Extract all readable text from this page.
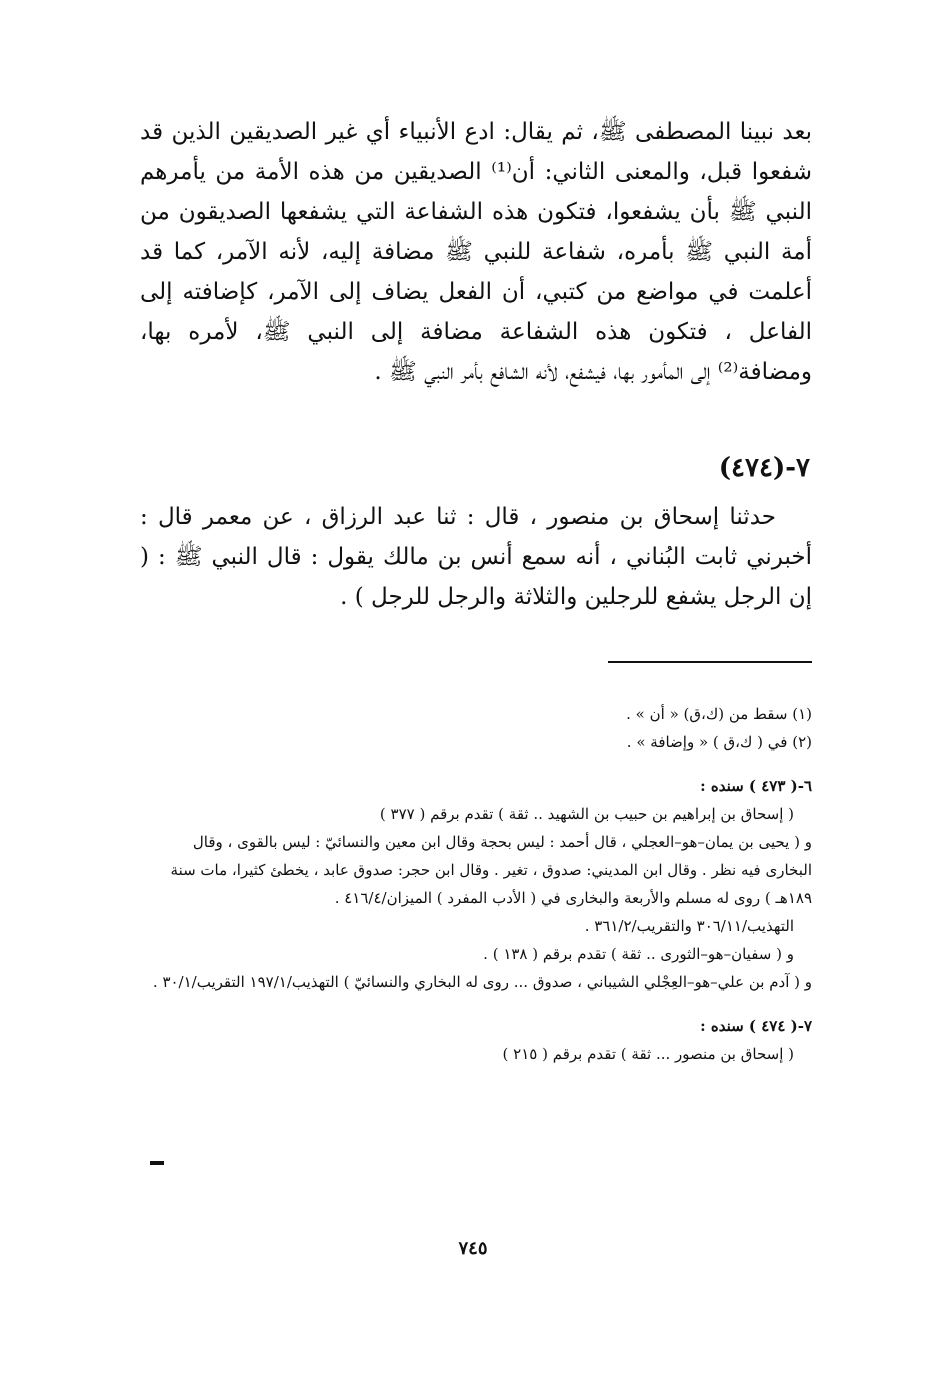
بعد نبينا المصطفى ﷺ، ثم يقال: ادع الأنبياء أي غير الصديقين الذين قد شفعوا قبل، والمعنى الثاني: أن⁽¹⁾ الصديقين من هذه الأمة من يأمرهم النبي ﷺ بأن يشفعوا، فتكون هذه الشفاعة التي يشفعها الصديقون من أمة النبي ﷺ بأمره، شفاعة للنبي ﷺ مضافة إليه، لأنه الآمر، كما قد أعلمت في مواضع من كتبي، أن الفعل يضاف إلى الآمر، كإضافته إلى الفاعل ، فتكون هذه الشفاعة مضافة إلى النبي ﷺ، لأمره بها، ومضافة⁽²⁾ إلى المأمور بها، فيشفع، لأنه الشافع بأمر النبي ﷺ .

٧-(٤٧٤)

حدثنا إسحاق بن منصور ، قال : ثنا عبد الرزاق ، عن معمر قال : أخبرني ثابت البُناني ، أنه سمع أنس بن مالك يقول : قال النبي ﷺ : ( إن الرجل يشفع للرجلين والثلاثة والرجل للرجل ) .

(١) سقط من (ك،ق) « أن » .

(٢) في ( ك،ق ) « وإضافة » .

٦-( ٤٧٣ ) سنده :

( إسحاق بن إبراهيم بن حبيب بن الشهيد .. ثقة ) تقدم برقم ( ٣٧٧ )

و ( يحيى بن يمان–هو–العجلي ، قال أحمد : ليس بحجة وقال ابن معين والنسائيّ : ليس بالقوى ، وقال البخارى فيه نظر . وقال ابن المديني: صدوق ، تغير . وقال ابن حجر: صدوق عابد ، يخطئ كثيرا، مات سنة ١٨٩هـ ) روى له مسلم والأربعة والبخارى في ( الأدب المفرد ) الميزان/٤١٦/٤ .

التهذيب/٣٠٦/١١ والتقريب/٣٦١/٢ .

و ( سفيان–هو–الثورى .. ثقة ) تقدم برقم ( ١٣٨ ) .

و ( آدم بن علي–هو–العِجْلي الشيباني ، صدوق ... روى له البخاري والنسائيّ ) التهذيب/١٩٧/١ التقريب/٣٠/١ .

٧-( ٤٧٤ ) سنده :

( إسحاق بن منصور ... ثقة ) تقدم برقم ( ٢١٥ )

٧٤٥
